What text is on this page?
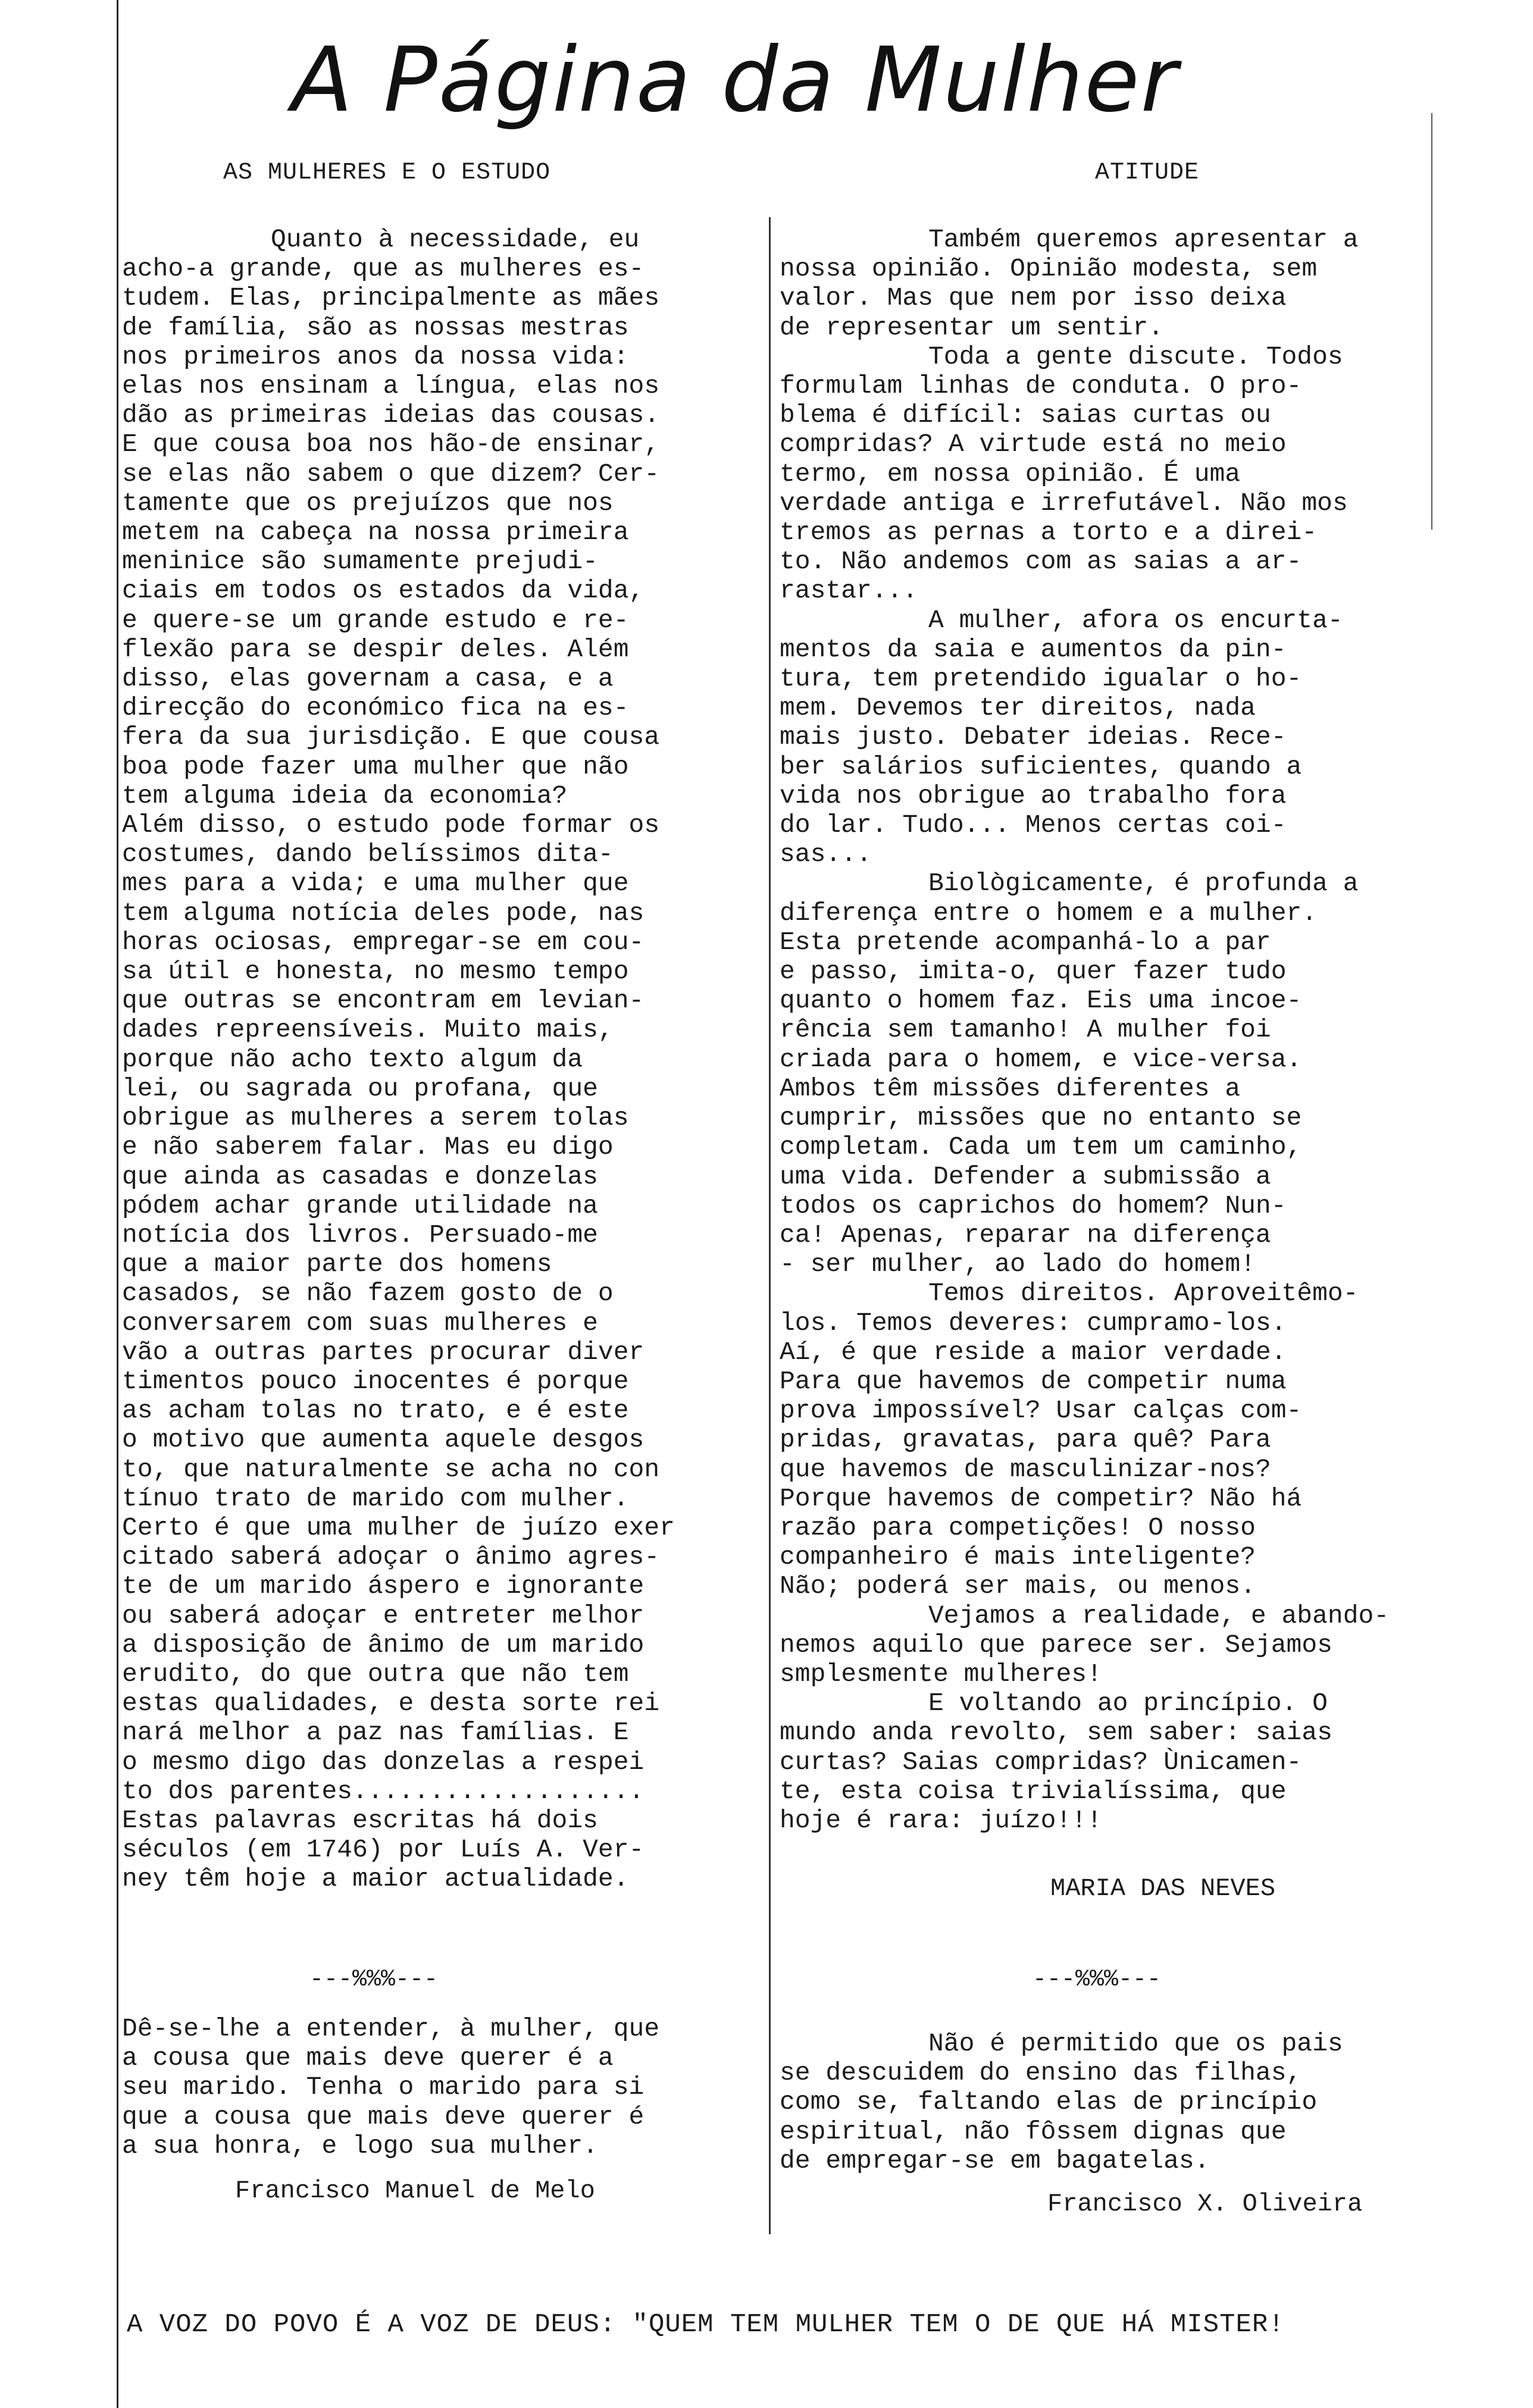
A Página da Mulher
AS MULHERES E O ESTUDO	ATITUDE
Quanto à necessidade, eu
acho-a grande, que as mulheres es-
tudem. Elas, principalmente as mães
de família, são as nossas mestras
nos primeiros anos da nossa vida:
elas nos ensinam a língua, elas nos
dão as primeiras ideias das cousas.
E que cousa boa nos hão-de ensinar,
se elas não sabem o que dizem? Cer-
tamente que os prejuízos que nos
metem na cabeça na nossa primeira
meninice são sumamente prejudi-
ciais em todos os estados da vida,
e quere-se um grande estudo e re-
flexão para se despir deles. Além
disso, elas governam a casa, e a
direcção do económico fica na es-
fera da sua jurisdição. E que cousa
boa pode fazer uma mulher que não
tem alguma ideia da economia?
Além disso, o estudo pode formar os
costumes, dando belíssimos dita-
mes para a vida; e uma mulher que
tem alguma notícia deles pode, nas
horas ociosas, empregar-se em cou-
sa útil e honesta, no mesmo tempo
que outras se encontram em levian-
dades repreensíveis. Muito mais,
porque não acho texto algum da
lei, ou sagrada ou profana, que
obrigue as mulheres a serem tolas
e não saberem falar. Mas eu digo
que ainda as casadas e donzelas
pódem achar grande utilidade na
notícia dos livros. Persuado-me
que a maior parte dos homens
casados, se não fazem gosto de o
conversarem com suas mulheres e
vão a outras partes procurar diver
timentos pouco inocentes é porque
as acham tolas no trato, e é este
o motivo que aumenta aquele desgos
to, que naturalmente se acha no con
tínuo trato de marido com mulher.
Certo é que uma mulher de juízo exer
citado saberá adoçar o ânimo agres-
te de um marido áspero e ignorante
ou saberá adoçar e entreter melhor
a disposição de ânimo de um marido
erudito, do que outra que não tem
estas qualidades, e desta sorte rei
nará melhor a paz nas famílias. E
o mesmo digo das donzelas a respei
to dos parentes...................
Estas palavras escritas há dois
séculos (em 1746) por Luís A. Ver-
ney têm hoje a maior actualidade.
---%%%---
Dê-se-lhe a entender, à mulher, que
a cousa que mais deve querer é a
seu marido. Tenha o marido para si
que a cousa que mais deve querer é
a sua honra, e logo sua mulher.
Francisco Manuel de Melo
Também queremos apresentar a
nossa opinião. Opinião modesta, sem
valor. Mas que nem por isso deixa
de representar um sentir.
Toda a gente discute. Todos
formulam linhas de conduta. O pro-
blema é difícil: saias curtas ou
compridas? A virtude está no meio
termo, em nossa opinião. É uma
verdade antiga e irrefutável. Não mos
tremos as pernas a torto e a direi-
to. Não andemos com as saias a ar-
rastar...
A mulher, afora os encurta-
mentos da saia e aumentos da pin-
tura, tem pretendido igualar o ho-
mem. Devemos ter direitos, nada
mais justo. Debater ideias. Rece-
ber salários suficientes, quando a
vida nos obrigue ao trabalho fora
do lar. Tudo... Menos certas coi-
sas...
Biològicamente, é profunda a
diferença entre o homem e a mulher.
Esta pretende acompanhá-lo a par
e passo, imita-o, quer fazer tudo
quanto o homem faz. Eis uma incoe-
rência sem tamanho! A mulher foi
criada para o homem, e vice-versa.
Ambos têm missões diferentes a
cumprir, missões que no entanto se
completam. Cada um tem um caminho,
uma vida. Defender a submissão a
todos os caprichos do homem? Nun-
ca! Apenas, reparar na diferença
- ser mulher, ao lado do homem!
Temos direitos. Aproveitêmo-
los. Temos deveres: cumpramo-los.
Aí, é que reside a maior verdade.
Para que havemos de competir numa
prova impossível? Usar calças com-
pridas, gravatas, para quê? Para
que havemos de masculinizar-nos?
Porque havemos de competir? Não há
razão para competições! O nosso
companheiro é mais inteligente?
Não; poderá ser mais, ou menos.
Vejamos a realidade, e abando-
nemos aquilo que parece ser. Sejamos
smplesmente mulheres!
E voltando ao princípio. O
mundo anda revolto, sem saber: saias
curtas? Saias compridas? Ùnicamen-
te, esta coisa trivialíssima, que
hoje é rara: juízo!!!
MARIA DAS NEVES
---%%%---
Não é permitido que os pais
se descuidem do ensino das filhas,
como se, faltando elas de princípio
espiritual, não fôssem dignas que
de empregar-se em bagatelas.
Francisco X. Oliveira
A VOZ DO POVO É A VOZ DE DEUS: "QUEM TEM MULHER TEM O DE QUE HÁ MISTER!
